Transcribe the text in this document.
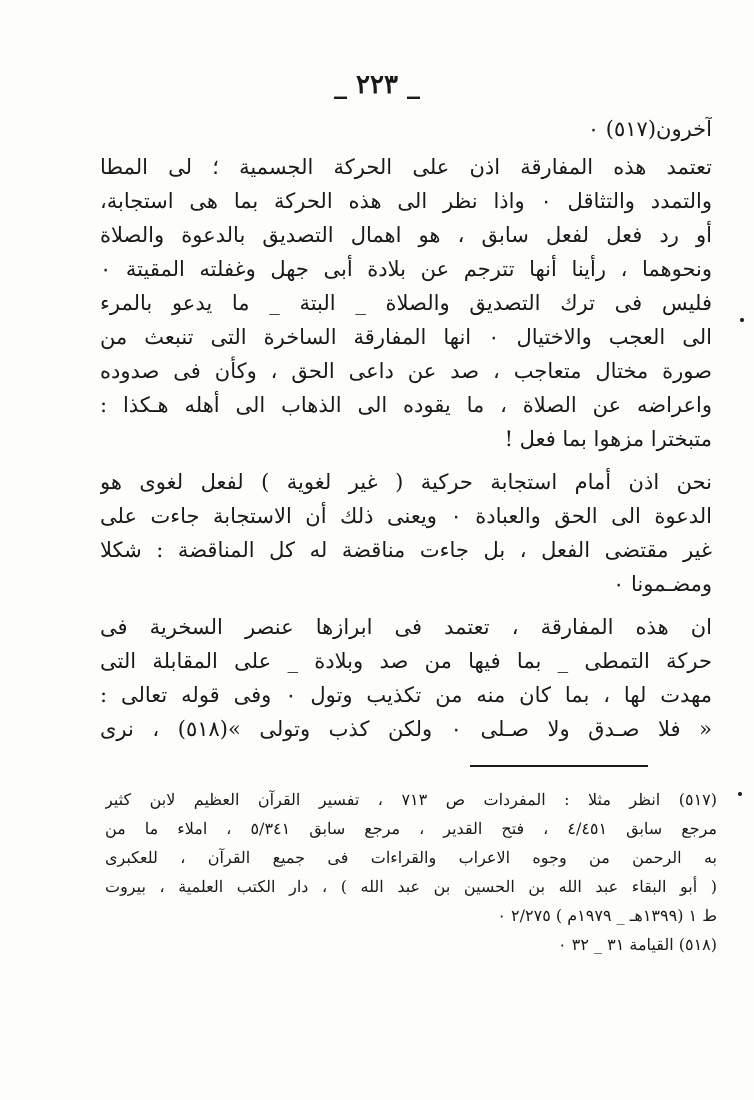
_ ٢٢٣ _
آخرون(٥١٧) ٠
تعتمد هذه المفارقة اذن على الحركة الجسمية ؛ لى المطا
والتمدد والتثاقل ٠ واذا نظر الى هذه الحركة بما هى استجابة،
أو رد فعل لفعل سابق ، هو اهمال التصديق بالدعوة والصلاة
ونحوهما ، رأينا أنها تترجم عن بلادة أبى جهل وغفلته المقيتة ٠
فليس فى ترك التصديق والصلاة _ البتة _ ما يدعو بالمرء
الى العجب والاختيال ٠ انها المفارقة الساخرة التى تنبعث من
صورة مختال متعاجب ، صد عن داعى الحق ، وكأن فى صدوده
واعراضه عن الصلاة ، ما يقوده الى الذهاب الى أهله هـكذا :
متبخترا مزهوا بما فعل !
نحن اذن أمام استجابة حركية ( غير لغوية ) لفعل لغوى هو
الدعوة الى الحق والعبادة ٠ ويعنى ذلك أن الاستجابة جاءت على
غير مقتضى الفعل ، بل جاءت مناقضة له كل المناقضة : شكلا
ومضـمونا ٠
ان هذه المفارقة ، تعتمد فى ابرازها عنصر السخرية فى
حركة التمطى _ بما فيها من صد وبلادة _ على المقابلة التى
مهدت لها ، بما كان منه من تكذيب وتول ٠ وفى قوله تعالى :
« فلا صـدق ولا صـلى ٠ ولكن كذب وتولى »(٥١٨) ، نرى
(٥١٧) انظر مثلا : المفردات ص ٧١٣ ، تفسير القرآن العظيم لابن كثير
مرجع سابق ٤/٤٥١ ، فتح القدير ، مرجع سابق ٥/٣٤١ ، املاء ما من
به الرحمن من وجوه الاعراب والقراءات فى جميع القرآن ، للعكبرى
( أبو البقاء عبد الله بن الحسين بن عبد الله ) ، دار الكتب العلمية ، بيروت
ط ١ (١٣٩٩هـ _ ١٩٧٩م ) ٢/٢٧٥ ٠
(٥١٨) القيامة ٣١ _ ٣٢ ٠
